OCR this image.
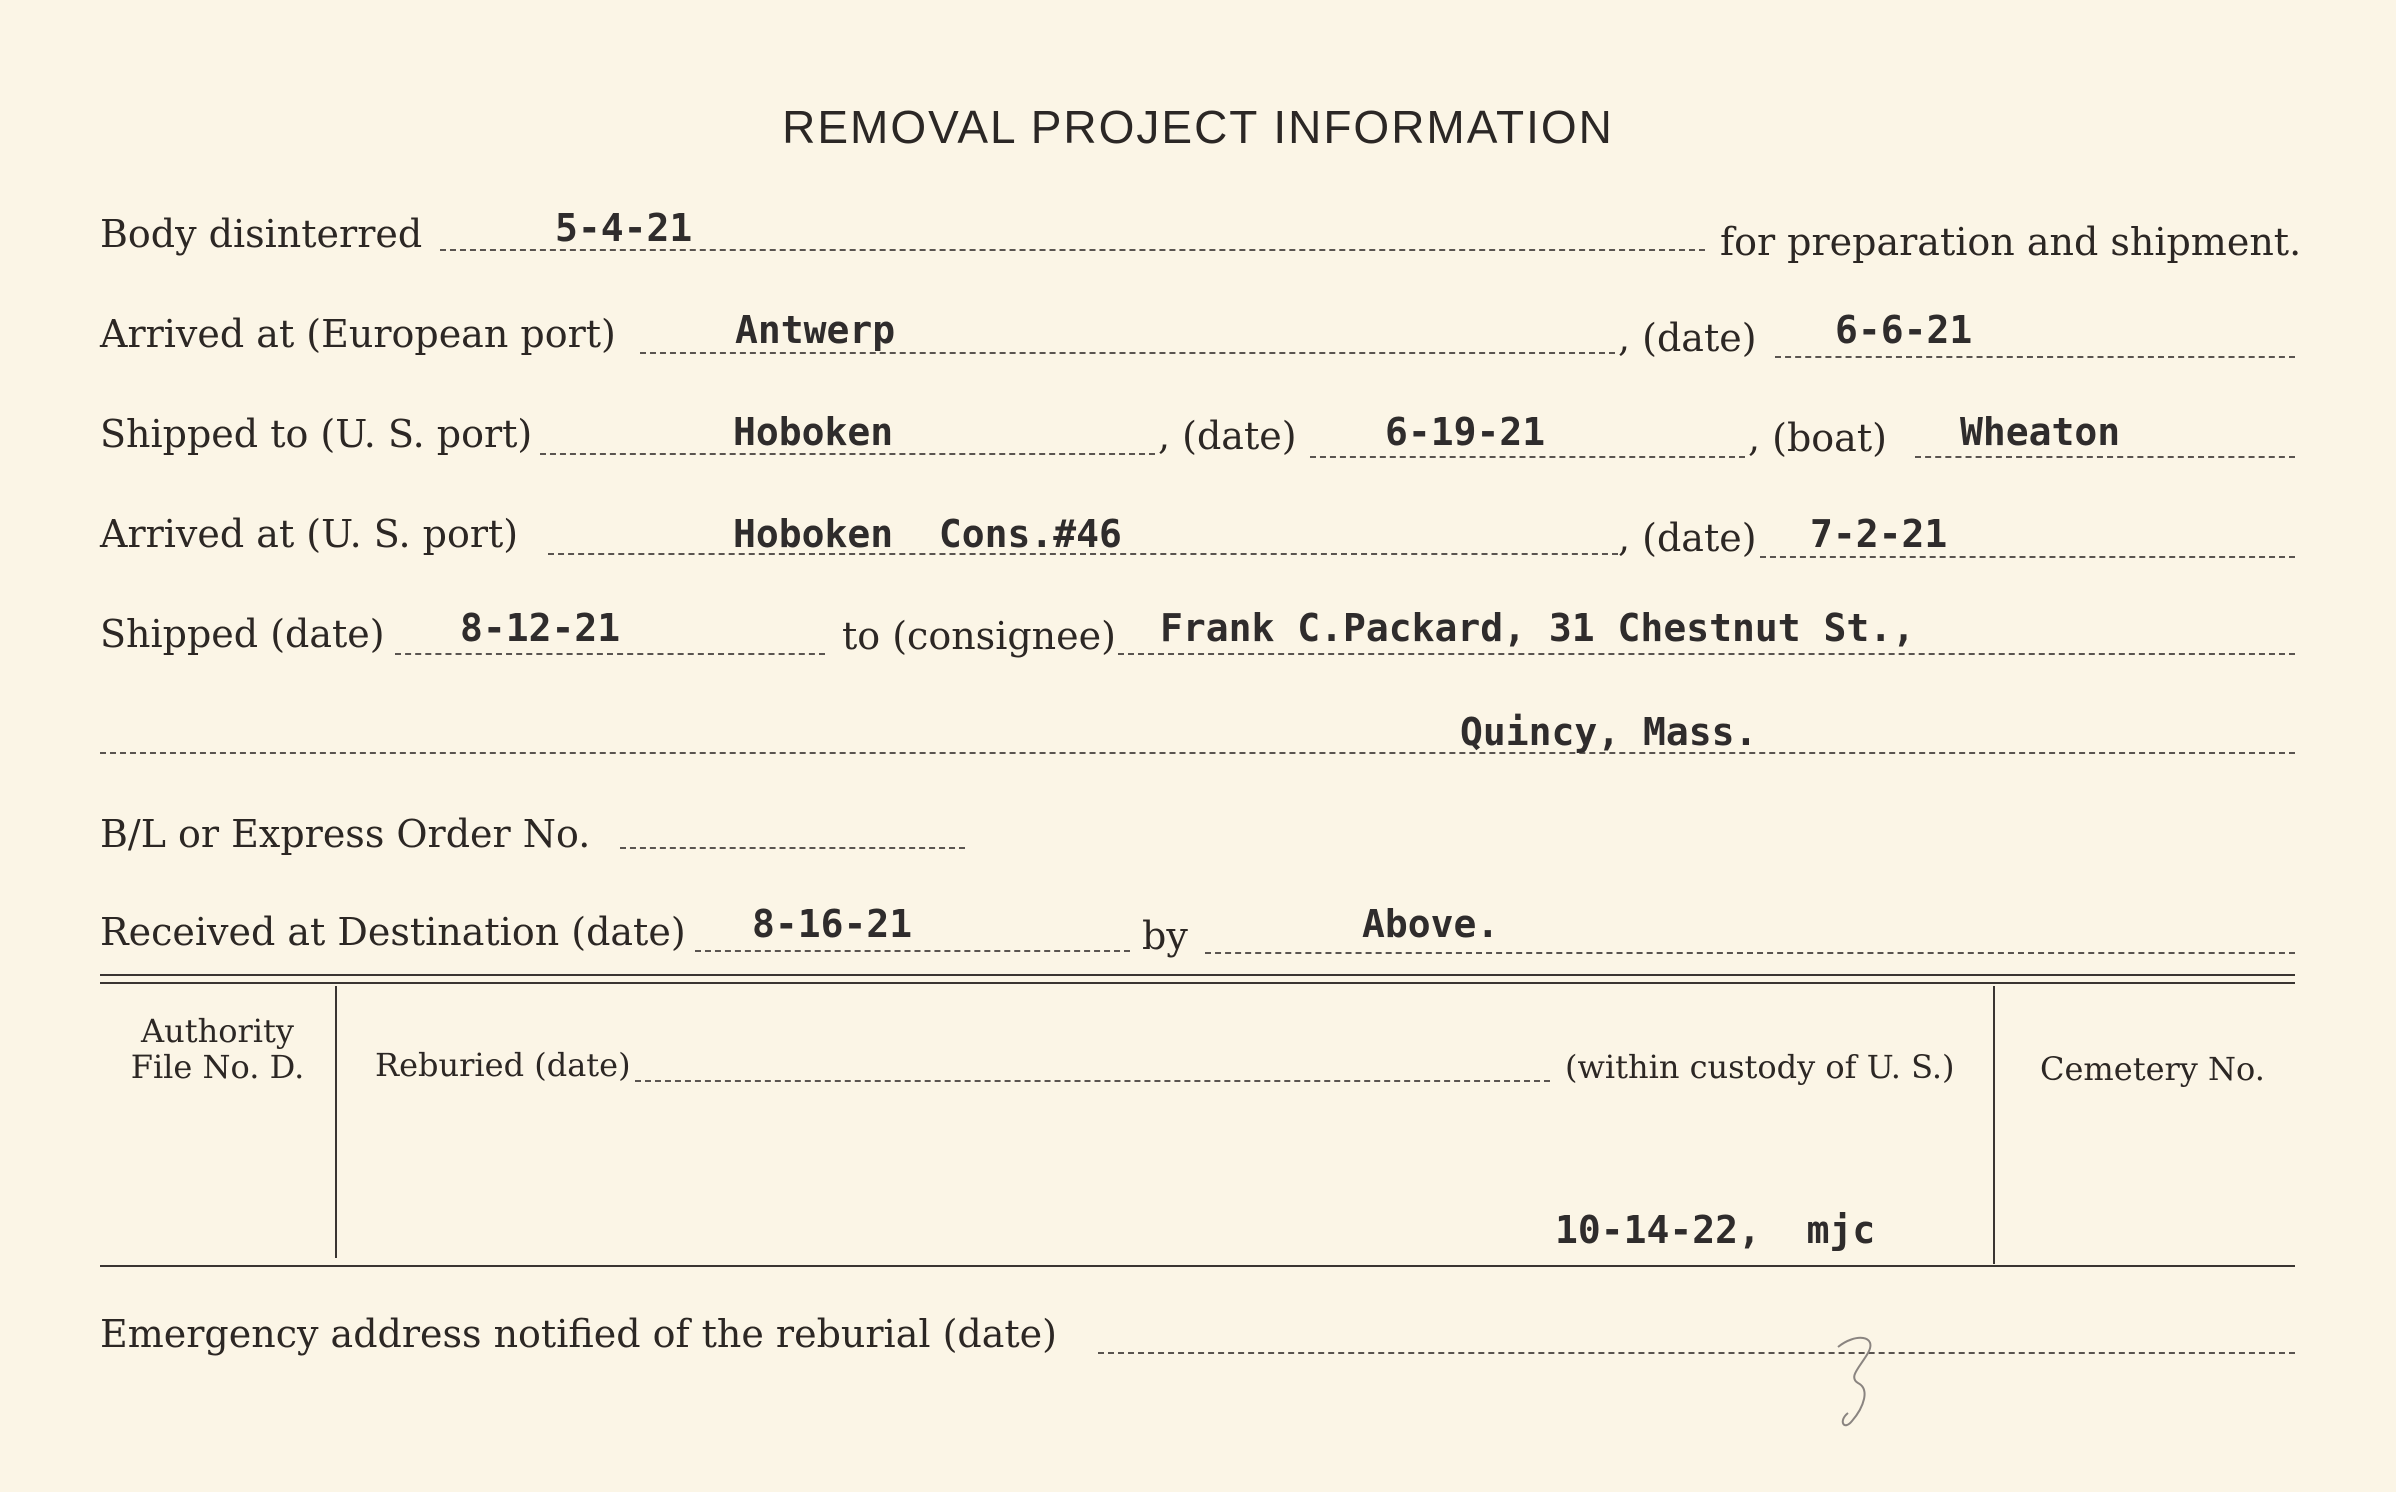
REMOVAL PROJECT INFORMATION
Body disinterred	5-4-21	for preparation and shipment.
Arrived at (European port)	Antwerp	, (date) 6-6-21
Shipped to (U. S. port)	Hoboken	, (date) 6-19-21	, (boat) Wheaton
Arrived at (U. S. port)	Hoboken  Cons.#46	, (date) 7-2-21
Shipped (date) 8-12-21	to (consignee) Frank C.Packard, 31 Chestnut St.,
Quincy, Mass.
B/L or Express Order No.
Received at Destination (date) 8-16-21	by	Above.
Authority
File No. D.	Reburied (date)	(within custody of U. S.)	Cemetery No.
10-14-22,  mjc
Emergency address notified of the reburial (date)
